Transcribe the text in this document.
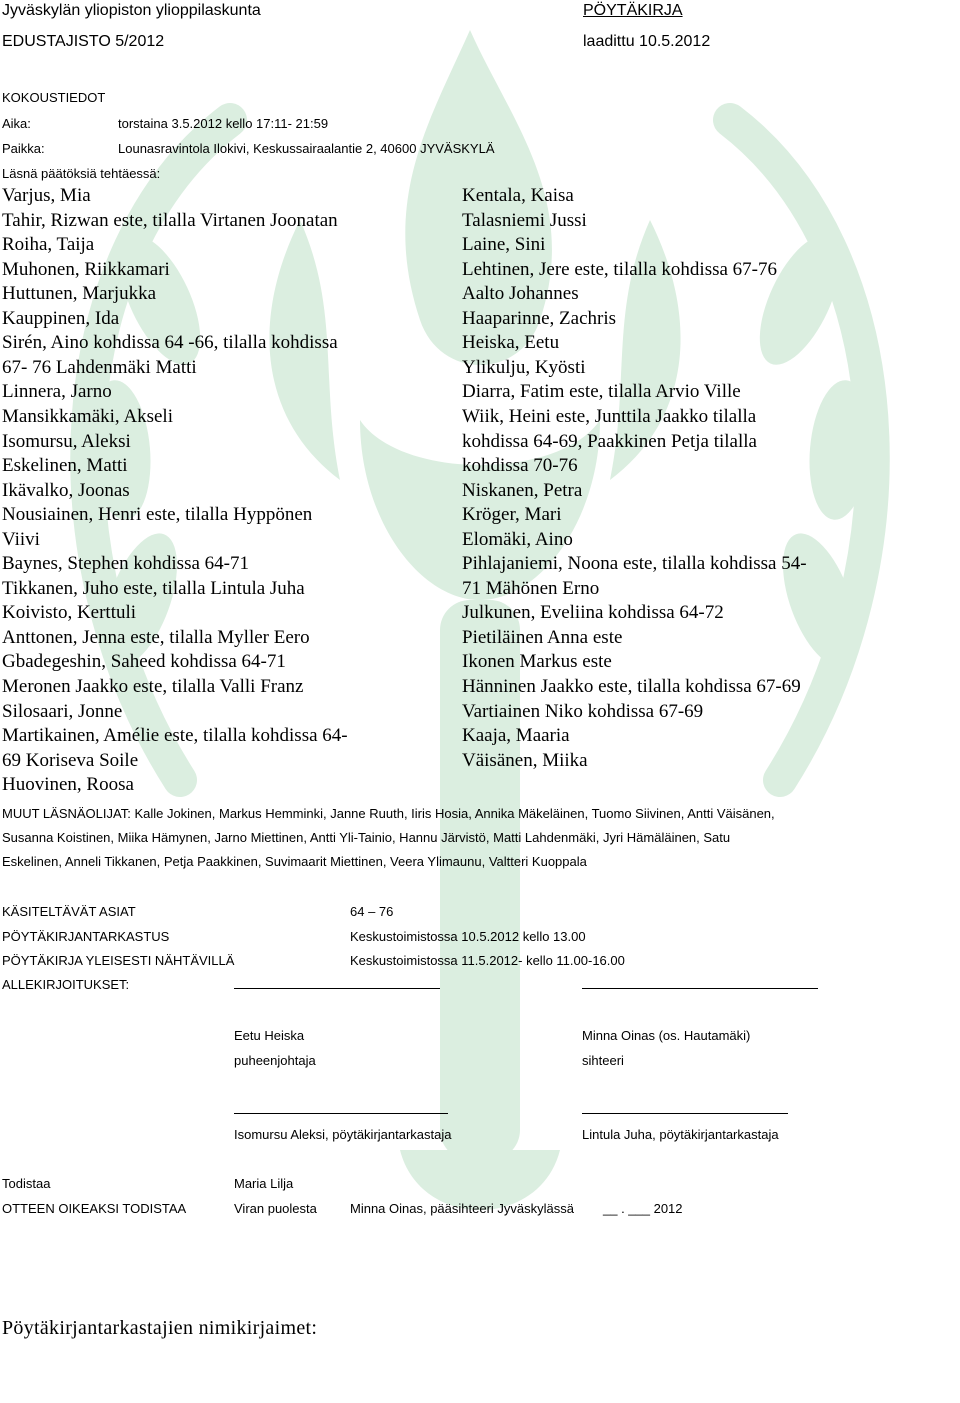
Jyväskylän yliopiston ylioppilaskunta	PÖYTÄKIRJA
EDUSTAJISTO 5/2012	laadittu 10.5.2012
KOKOUSTIEDOT
Aika:	torstaina 3.5.2012 kello 17:11- 21:59
Paikka:	Lounasravintola Ilokivi, Keskussairaalantie 2, 40600 JYVÄSKYLÄ
Läsnä päätöksiä tehtäessä:
Varjus, Mia
Tahir, Rizwan este, tilalla Virtanen Joonatan
Roiha, Taija
Muhonen, Riikkamari
Huttunen, Marjukka
Kauppinen, Ida
Sirén, Aino kohdissa 64 -66, tilalla kohdissa
67- 76 Lahdenmäki Matti
Linnera, Jarno
Mansikkamäki, Akseli
Isomursu, Aleksi
Eskelinen, Matti
Ikävalko, Joonas
Nousiainen, Henri este, tilalla Hyppönen
Viivi
Baynes, Stephen kohdissa 64-71
Tikkanen, Juho este, tilalla Lintula Juha
Koivisto, Kerttuli
Anttonen, Jenna este, tilalla Myller Eero
Gbadegeshin, Saheed kohdissa 64-71
Meronen Jaakko este, tilalla Valli Franz
Silosaari, Jonne
Martikainen, Amélie este, tilalla kohdissa 64-
69 Koriseva Soile
Huovinen, Roosa
Kentala, Kaisa
Talasniemi Jussi
Laine, Sini
Lehtinen, Jere este, tilalla kohdissa 67-76
Aalto Johannes
Haaparinne, Zachris
Heiska, Eetu
Ylikulju, Kyösti
Diarra, Fatim este, tilalla Arvio Ville
Wiik, Heini este, Junttila Jaakko tilalla
kohdissa 64-69, Paakkinen Petja tilalla
kohdissa 70-76
Niskanen, Petra
Kröger, Mari
Elomäki, Aino
Pihlajaniemi, Noona este, tilalla kohdissa 54-
71 Mähönen Erno
Julkunen, Eveliina kohdissa 64-72
Pietiläinen Anna este
Ikonen Markus este
Hänninen Jaakko este, tilalla kohdissa 67-69
Vartiainen Niko kohdissa 67-69
Kaaja, Maaria
Väisänen, Miika
MUUT LÄSNÄOLIJAT: Kalle Jokinen, Markus Hemminki, Janne Ruuth, Iiris Hosia, Annika Mäkeläinen, Tuomo Siivinen, Antti Väisänen,
Susanna Koistinen, Miika Hämynen, Jarno Miettinen, Antti Yli-Tainio, Hannu Järvistö, Matti Lahdenmäki, Jyri Hämäläinen, Satu
Eskelinen, Anneli Tikkanen, Petja Paakkinen, Suvimaarit Miettinen, Veera Ylimaunu, Valtteri Kuoppala
KÄSITELTÄVÄT ASIAT	64 – 76
PÖYTÄKIRJANTARKASTUS	Keskustoimistossa 10.5.2012 kello 13.00
PÖYTÄKIRJA YLEISESTI NÄHTÄVILLÄ	Keskustoimistossa 11.5.2012- kello 11.00-16.00
ALLEKIRJOITUKSET:
Eetu Heiska	Minna Oinas (os. Hautamäki)
puheenjohtaja	sihteeri
Isomursu Aleksi, pöytäkirjantarkastaja	Lintula Juha, pöytäkirjantarkastaja
Todistaa	Maria Lilja
OTTEEN OIKEAKSI TODISTAA	Viran puolesta	Minna Oinas, pääsihteeri Jyväskylässä __ . ___ 2012
Pöytäkirjantarkastajien nimikirjaimet:
